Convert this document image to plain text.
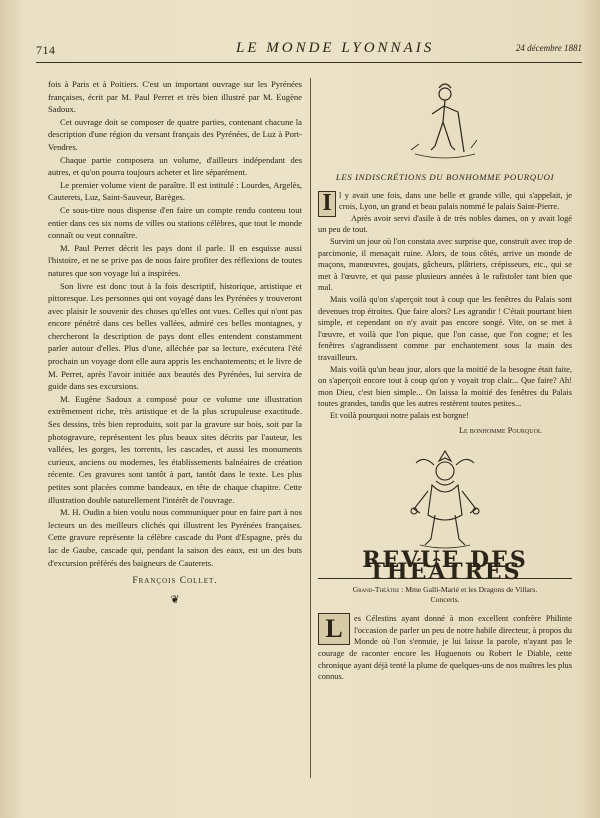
714	LE MONDE LYONNAIS	24 décembre 1881

fois à Paris et à Poitiers. C'est un important ouvrage sur les Pyrénées françaises, écrit par M. Paul Perret et très bien illustré par M. Eugène Sadoux.

Cet ouvrage doit se composer de quatre parties, contenant chacune la description d'une région du versant français des Pyrénées, de Luz à Port-Vendres.

Chaque partie composera un volume, d'ailleurs indépendant des autres, et qu'on pourra toujours acheter et lire séparément.

Le premier volume vient de paraître. Il est intitulé : Lourdes, Argelès, Cauterets, Luz, Saint-Sauveur, Barèges.

Ce sous-titre nous dispense d'en faire un compte rendu contenu tout entier dans ces six noms de villes ou stations célèbres, que tout le monde connaît ou veut connaître.

M. Paul Perret décrit les pays dont il parle. Il en esquisse aussi l'histoire, et ne se prive pas de nous faire profiter des réflexions de toutes natures que son voyage lui a inspirées.

Son livre est donc tout à la fois descriptif, historique, artistique et pittoresque. Les personnes qui ont voyagé dans les Pyrénées y trouveront avec plaisir le souvenir des choses qu'elles ont vues. Celles qui n'ont pas encore pénétré dans ces belles vallées, admiré ces belles montagnes, y chercheront la description de pays dont elles entendent constamment parler autour d'elles. Plus d'une, alléchée par sa lecture, exécutera l'été prochain un voyage dont elle aura appris les enchantements; et le livre de M. Perret, après l'avoir initiée aux beautés des Pyrénées, lui servira de guide dans ses excursions.

M. Eugène Sadoux a composé pour ce volume une illustration extrêmement riche, très artistique et de la plus scrupuleuse exactitude. Ses dessins, très bien reproduits, soit par la gravure sur bois, soit par la photogravure, représentent les plus beaux sites décrits par l'auteur, les vallées, les gorges, les torrents, les cascades, et aussi les monuments curieux, anciens ou modernes, les établissements balnéaires de création récente. Ces gravures sont tantôt à part, tantôt dans le texte. Les plus petites sont placées comme bandeaux, en tête de chaque chapitre. Cette illustration double naturellement l'intérêt de l'ouvrage.

M. H. Oudin a bien voulu nous communiquer pour en faire part à nos lecteurs un des meilleurs clichés qui illustrent les Pyrénées françaises. Cette gravure représente la célèbre cascade du Pont d'Espagne, près du lac de Gaube, cascade qui, pendant la saison des eaux, est un des buts d'excursion préférés des baigneurs de Cauterets.

François Collet.
❦
LES INDISCRÉTIONS DU BONHOMME POURQUOI

I l y avait une fois, dans une belle et grande ville, qui s'appelait, je crois, Lyon, un grand et beau palais nommé le palais Saint-Pierre.

Après avoir servi d'asile à de très nobles dames, on y avait logé un peu de tout.

Survint un jour où l'on constata avec surprise que, construit avec trop de parcimonie, il menaçait ruine. Alors, de tous côtés, arrive un monde de maçons, manœuvres, goujats, gâcheurs, plâtriers, crépisseurs, etc., qui se met à l'œuvre, et qui passe plusieurs années à le rafistoler tant bien que mal.

Mais voilà qu'on s'aperçoit tout à coup que les fenêtres du Palais sont devenues trop étroites. Que faire alors? Les agrandir ! C'était pourtant bien simple, et cependant on n'y avait pas encore songé. Vite, on se met à l'œuvre, et voilà que l'on pique, que l'on casse, que l'on cogne; et les fenêtres s'agrandissent comme par enchantement sous la main des travailleurs.

Mais voilà qu'un beau jour, alors que la moitié de la besogne était faite, on s'aperçoit encore tout à coup qu'on y voyait trop clair... Que faire? Ah! mon Dieu, c'est bien simple... On laissa la moitié des fenêtres du Palais toutes grandes, tandis que les autres restèrent toutes petites...

Et voilà pourquoi notre palais est borgne!

Le bonhomme Pourquoi.
REVUE DES THÉÂTRES
Grand-Théâtre : Mme Galli-Marié et les Dragons de Villars.
Concerts.
L	es Célestins ayant donné à mon excellent confrère Philinte l'occasion de parler un peu de notre habile directeur, à propos du Monde où l'on s'ennuie, je lui laisse la parole, n'ayant pas le courage de raconter encore les Huguenots ou Robert le Diable, cette chronique ayant déjà tenté la plume de quelques-uns de nos maîtres les plus connus.
